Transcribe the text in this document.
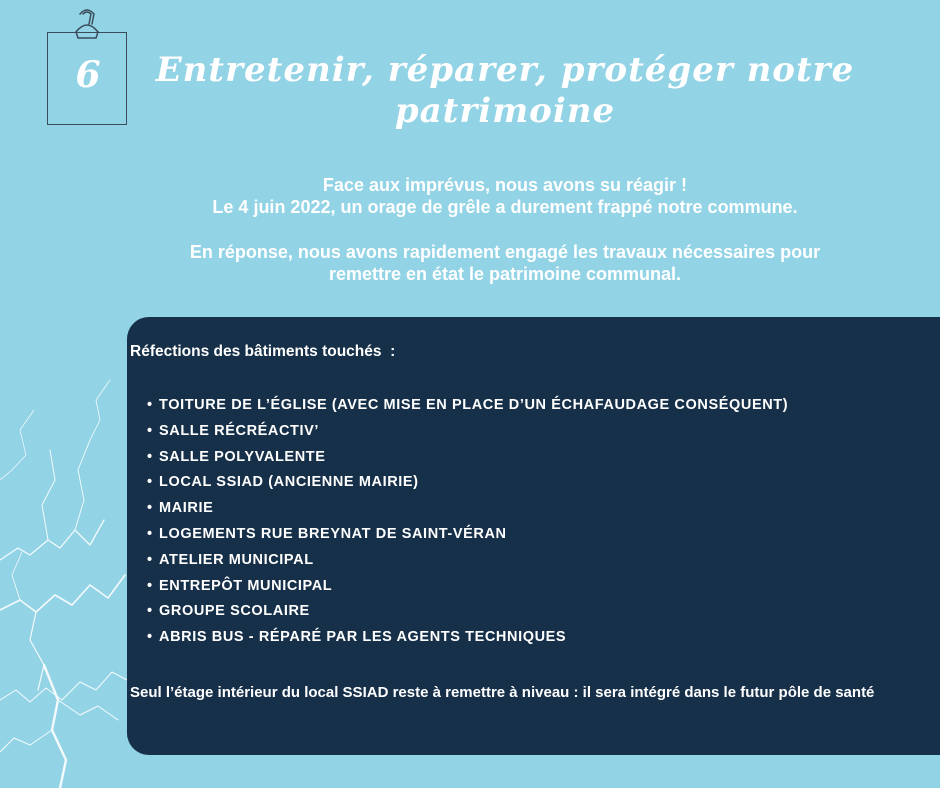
6	Entretenir, réparer, protéger notre patrimoine
Face aux imprévus, nous avons su réagir !
Le 4 juin 2022, un orage de grêle a durement frappé notre commune.
En réponse, nous avons rapidement engagé les travaux nécessaires pour
remettre en état le patrimoine communal.

Réfections des bâtiments touchés  :

• TOITURE DE L’ÉGLISE (AVEC MISE EN PLACE D’UN ÉCHAFAUDAGE CONSÉQUENT)
• SALLE RÉCRÉACTIV’
• SALLE POLYVALENTE
• LOCAL SSIAD (ANCIENNE MAIRIE)
• MAIRIE
• LOGEMENTS RUE BREYNAT DE SAINT-VÉRAN
• ATELIER MUNICIPAL
• ENTREPÔT MUNICIPAL
• GROUPE SCOLAIRE
• ABRIS BUS - RÉPARÉ PAR LES AGENTS TECHNIQUES

Seul l’étage intérieur du local SSIAD reste à remettre à niveau : il sera intégré dans le futur pôle de santé
